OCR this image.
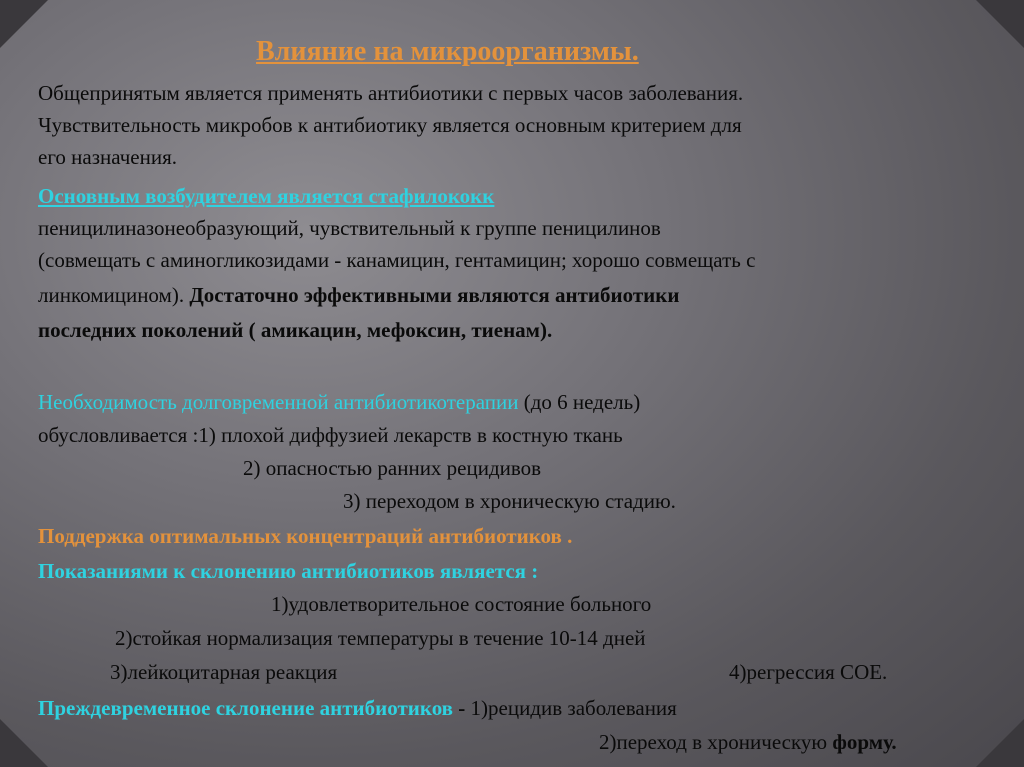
Влияние на микроорганизмы.
Общепринятым является применять антибиотики с первых часов заболевания.
Чувствительность микробов к антибиотику является основным критерием для
его назначения.
Основным возбудителем является стафилококк
пеницилиназонеобразующий, чувствительный к группе пеницилинов
(совмещать с аминогликозидами - канамицин, гентамицин; хорошо совмещать с
линкомицином). Достаточно эффективными являются антибиотики
последних поколений ( амикацин, мефоксин, тиенам).
Необходимость долговременной антибиотикотерапии (до 6 недель)
обусловливается :1) плохой диффузией лекарств в костную ткань
2) опасностью ранних рецидивов
3) переходом в хроническую стадию.
Поддержка оптимальных концентраций антибиотиков .
Показаниями к склонению антибиотиков является :
1)удовлетворительное состояние больного
2)стойкая нормализация температуры в течение 10-14 дней
3)лейкоцитарная реакция	4)регрессия СОЕ.
Преждевременное склонение антибиотиков - 1)рецидив заболевания
2)переход в хроническую форму.
